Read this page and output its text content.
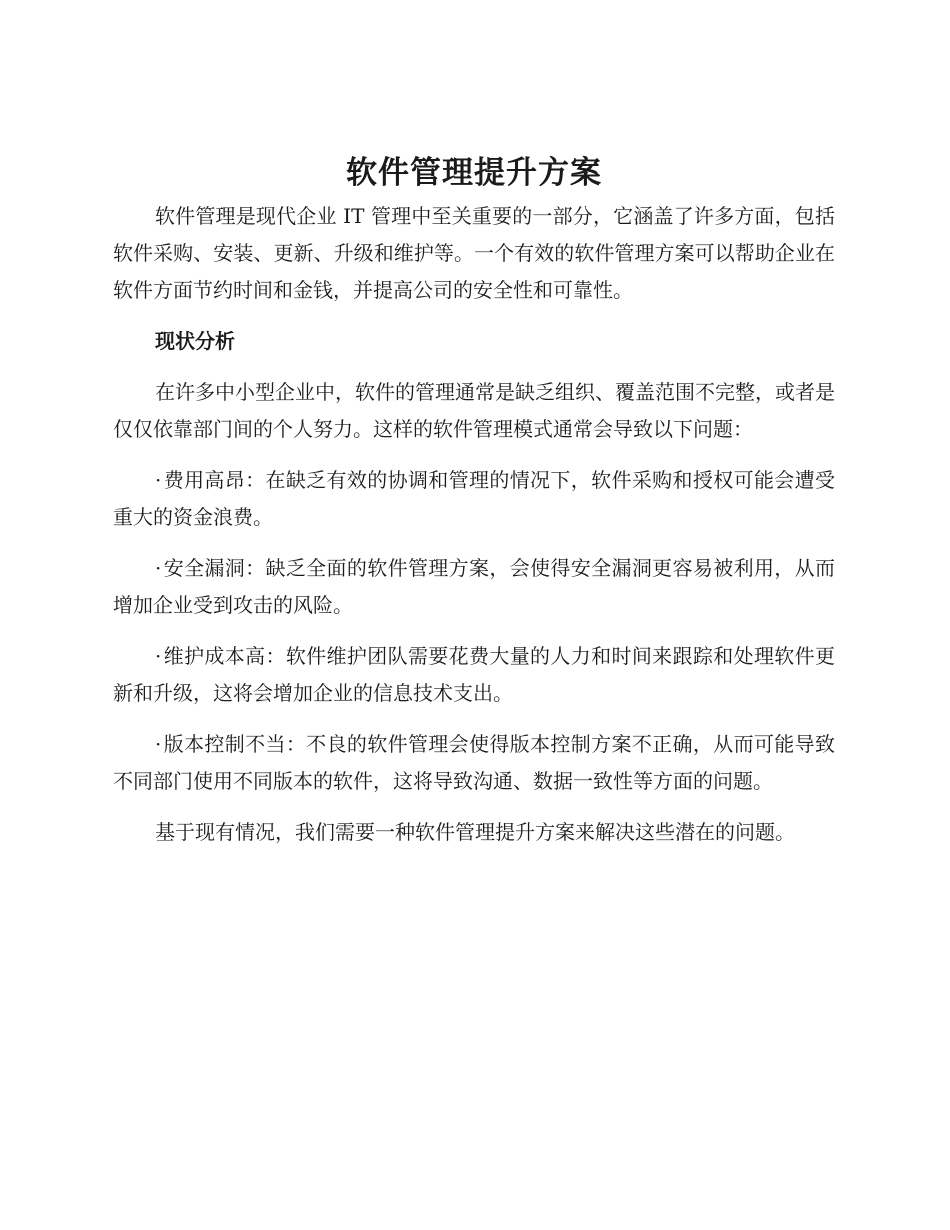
软件管理提升方案

软件管理是现代企业 IT 管理中至关重要的一部分，它涵盖了许多方面，包括软件采购、安装、更新、升级和维护等。一个有效的软件管理方案可以帮助企业在软件方面节约时间和金钱，并提高公司的安全性和可靠性。

现状分析

在许多中小型企业中，软件的管理通常是缺乏组织、覆盖范围不完整，或者是仅仅依靠部门间的个人努力。这样的软件管理模式通常会导致以下问题：

· 费用高昂：在缺乏有效的协调和管理的情况下，软件采购和授权可能会遭受重大的资金浪费。

· 安全漏洞：缺乏全面的软件管理方案，会使得安全漏洞更容易被利用，从而增加企业受到攻击的风险。

· 维护成本高：软件维护团队需要花费大量的人力和时间来跟踪和处理软件更新和升级，这将会增加企业的信息技术支出。

· 版本控制不当：不良的软件管理会使得版本控制方案不正确，从而可能导致不同部门使用不同版本的软件，这将导致沟通、数据一致性等方面的问题。

基于现有情况，我们需要一种软件管理提升方案来解决这些潜在的问题。
